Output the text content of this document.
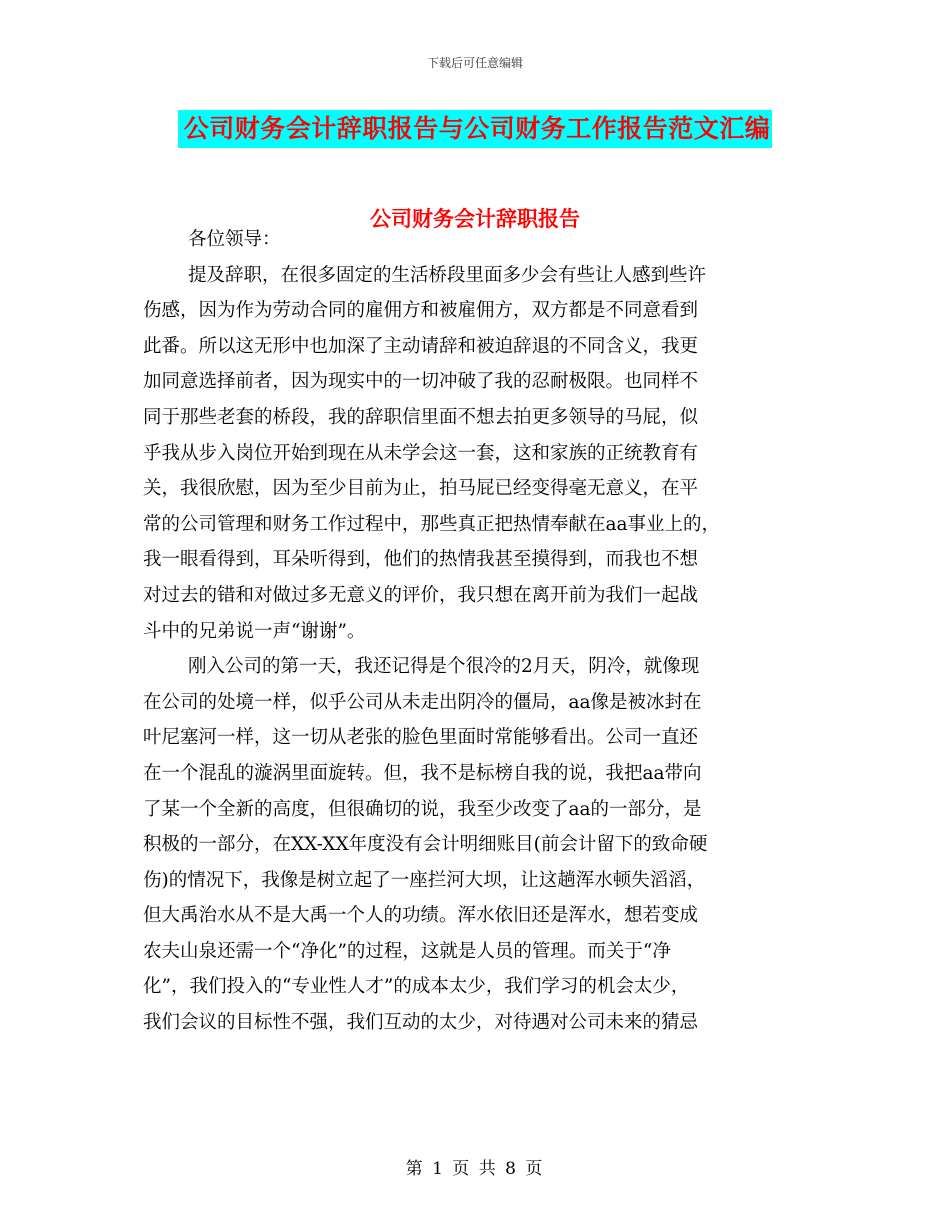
下载后可任意编辑
公司财务会计辞职报告与公司财务工作报告范文汇编
公司财务会计辞职报告
各位领导：
提及辞职，在很多固定的生活桥段里面多少会有些让人感到些许
伤感，因为作为劳动合同的雇佣方和被雇佣方，双方都是不同意看到
此番。所以这无形中也加深了主动请辞和被迫辞退的不同含义，我更
加同意选择前者，因为现实中的一切冲破了我的忍耐极限。也同样不
同于那些老套的桥段，我的辞职信里面不想去拍更多领导的马屁，似
乎我从步入岗位开始到现在从未学会这一套，这和家族的正统教育有
关，我很欣慰，因为至少目前为止，拍马屁已经变得毫无意义，在平
常的公司管理和财务工作过程中，那些真正把热情奉献在aa事业上的，
我一眼看得到，耳朵听得到，他们的热情我甚至摸得到，而我也不想
对过去的错和对做过多无意义的评价，我只想在离开前为我们一起战
斗中的兄弟说一声“谢谢”。
刚入公司的第一天，我还记得是个很冷的2月天，阴冷，就像现
在公司的处境一样，似乎公司从未走出阴冷的僵局，aa像是被冰封在
叶尼塞河一样，这一切从老张的脸色里面时常能够看出。公司一直还
在一个混乱的漩涡里面旋转。但，我不是标榜自我的说，我把aa带向
了某一个全新的高度，但很确切的说，我至少改变了aa的一部分，是
积极的一部分，在XX-XX年度没有会计明细账目(前会计留下的致命硬
伤)的情况下，我像是树立起了一座拦河大坝，让这趟浑水顿失滔滔，
但大禹治水从不是大禹一个人的功绩。浑水依旧还是浑水，想若变成
农夫山泉还需一个“净化”的过程，这就是人员的管理。而关于“净
化”，我们投入的“专业性人才”的成本太少，我们学习的机会太少，
我们会议的目标性不强，我们互动的太少，对待遇对公司未来的猜忌
第 1 页 共 8 页
